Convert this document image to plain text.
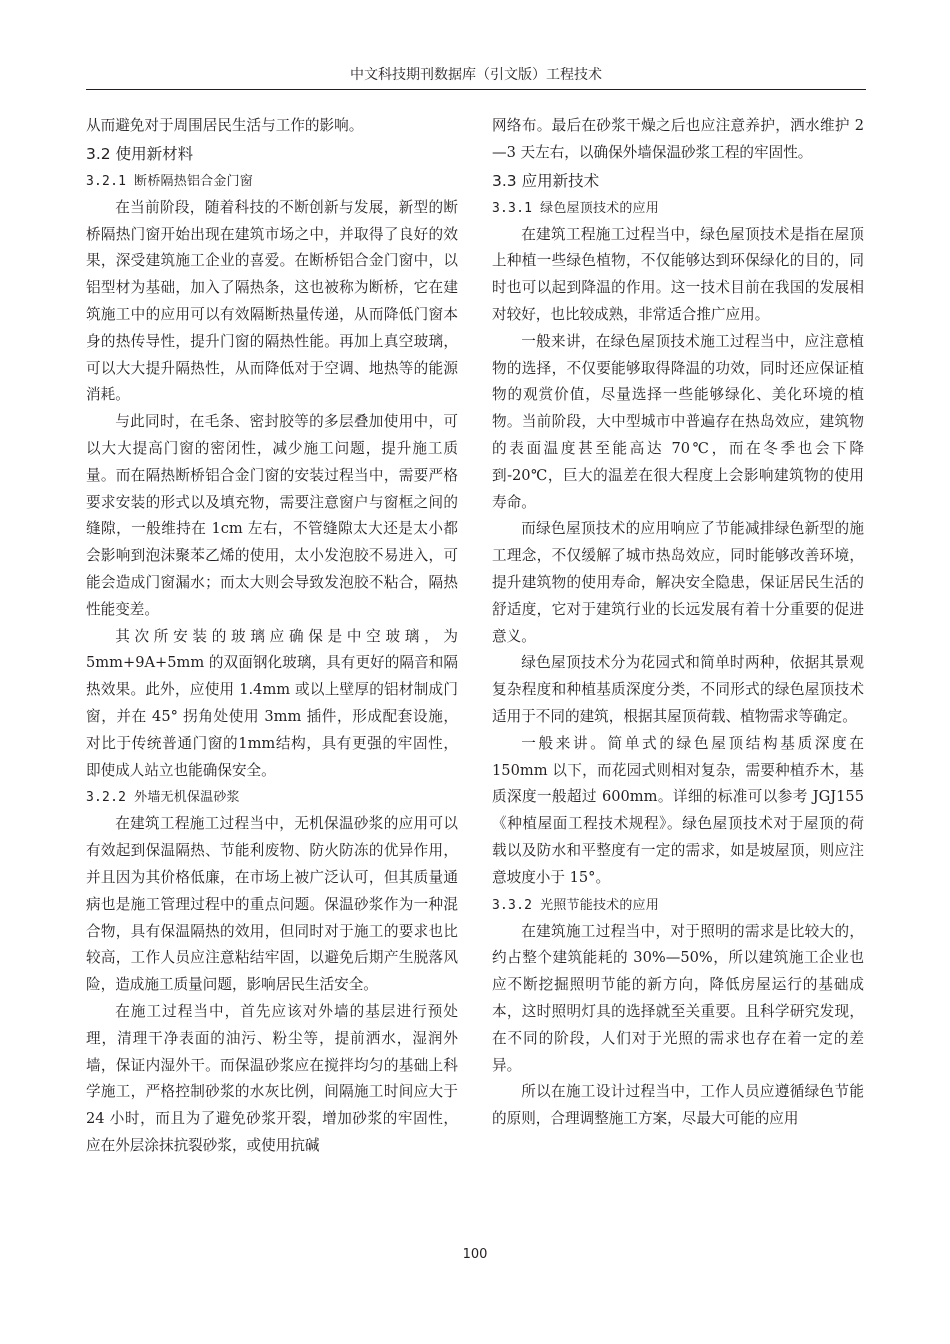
中文科技期刊数据库（引文版）工程技术

从而避免对于周围居民生活与工作的影响。

3.2 使用新材料
3.2.1 断桥隔热铝合金门窗

在当前阶段，随着科技的不断创新与发展，新型的断桥隔热门窗开始出现在建筑市场之中，并取得了良好的效果，深受建筑施工企业的喜爱。在断桥铝合金门窗中，以铝型材为基础，加入了隔热条，这也被称为断桥，它在建筑施工中的应用可以有效隔断热量传递，从而降低门窗本身的热传导性，提升门窗的隔热性能。再加上真空玻璃，可以大大提升隔热性，从而降低对于空调、地热等的能源消耗。

与此同时，在毛条、密封胶等的多层叠加使用中，可以大大提高门窗的密闭性，减少施工问题，提升施工质量。而在隔热断桥铝合金门窗的安装过程当中，需要严格要求安装的形式以及填充物，需要注意窗户与窗框之间的缝隙，一般维持在 1cm 左右，不管缝隙太大还是太小都会影响到泡沫聚苯乙烯的使用，太小发泡胶不易进入，可能会造成门窗漏水；而太大则会导致发泡胶不粘合，隔热性能变差。

其次所安装的玻璃应确保是中空玻璃，为5mm+9A+5mm 的双面钢化玻璃，具有更好的隔音和隔热效果。此外，应使用 1.4mm 或以上壁厚的铝材制成门窗，并在 45° 拐角处使用 3mm 插件，形成配套设施，对比于传统普通门窗的1mm结构，具有更强的牢固性，即使成人站立也能确保安全。

3.2.2 外墙无机保温砂浆

在建筑工程施工过程当中，无机保温砂浆的应用可以有效起到保温隔热、节能利废物、防火防冻的优异作用，并且因为其价格低廉，在市场上被广泛认可，但其质量通病也是施工管理过程中的重点问题。保温砂浆作为一种混合物，具有保温隔热的效用，但同时对于施工的要求也比较高，工作人员应注意粘结牢固，以避免后期产生脱落风险，造成施工质量问题，影响居民生活安全。

在施工过程当中，首先应该对外墙的基层进行预处理，清理干净表面的油污、粉尘等，提前洒水，湿润外墙，保证内湿外干。而保温砂浆应在搅拌均匀的基础上科学施工，严格控制砂浆的水灰比例，间隔施工时间应大于 24 小时，而且为了避免砂浆开裂，增加砂浆的牢固性，应在外层涂抹抗裂砂浆，或使用抗碱

网络布。最后在砂浆干燥之后也应注意养护，洒水维护 2—3 天左右，以确保外墙保温砂浆工程的牢固性。

3.3 应用新技术
3.3.1 绿色屋顶技术的应用

在建筑工程施工过程当中，绿色屋顶技术是指在屋顶上种植一些绿色植物，不仅能够达到环保绿化的目的，同时也可以起到降温的作用。这一技术目前在我国的发展相对较好，也比较成熟，非常适合推广应用。

一般来讲，在绿色屋顶技术施工过程当中，应注意植物的选择，不仅要能够取得降温的功效，同时还应保证植物的观赏价值，尽量选择一些能够绿化、美化环境的植物。当前阶段，大中型城市中普遍存在热岛效应，建筑物的表面温度甚至能高达 70℃，而在冬季也会下降到-20℃，巨大的温差在很大程度上会影响建筑物的使用寿命。

而绿色屋顶技术的应用响应了节能减排绿色新型的施工理念，不仅缓解了城市热岛效应，同时能够改善环境，提升建筑物的使用寿命，解决安全隐患，保证居民生活的舒适度，它对于建筑行业的长远发展有着十分重要的促进意义。

绿色屋顶技术分为花园式和简单时两种，依据其景观复杂程度和种植基质深度分类，不同形式的绿色屋顶技术适用于不同的建筑，根据其屋顶荷载、植物需求等确定。

一般来讲。简单式的绿色屋顶结构基质深度在150mm 以下，而花园式则相对复杂，需要种植乔木，基质深度一般超过 600mm。详细的标准可以参考 JGJ155《种植屋面工程技术规程》。绿色屋顶技术对于屋顶的荷载以及防水和平整度有一定的需求，如是坡屋顶，则应注意坡度小于 15°。

3.3.2 光照节能技术的应用

在建筑施工过程当中，对于照明的需求是比较大的，约占整个建筑能耗的 30%—50%，所以建筑施工企业也应不断挖掘照明节能的新方向，降低房屋运行的基础成本，这时照明灯具的选择就至关重要。且科学研究发现，在不同的阶段，人们对于光照的需求也存在着一定的差异。

所以在施工设计过程当中，工作人员应遵循绿色节能的原则，合理调整施工方案，尽最大可能的应用

100
